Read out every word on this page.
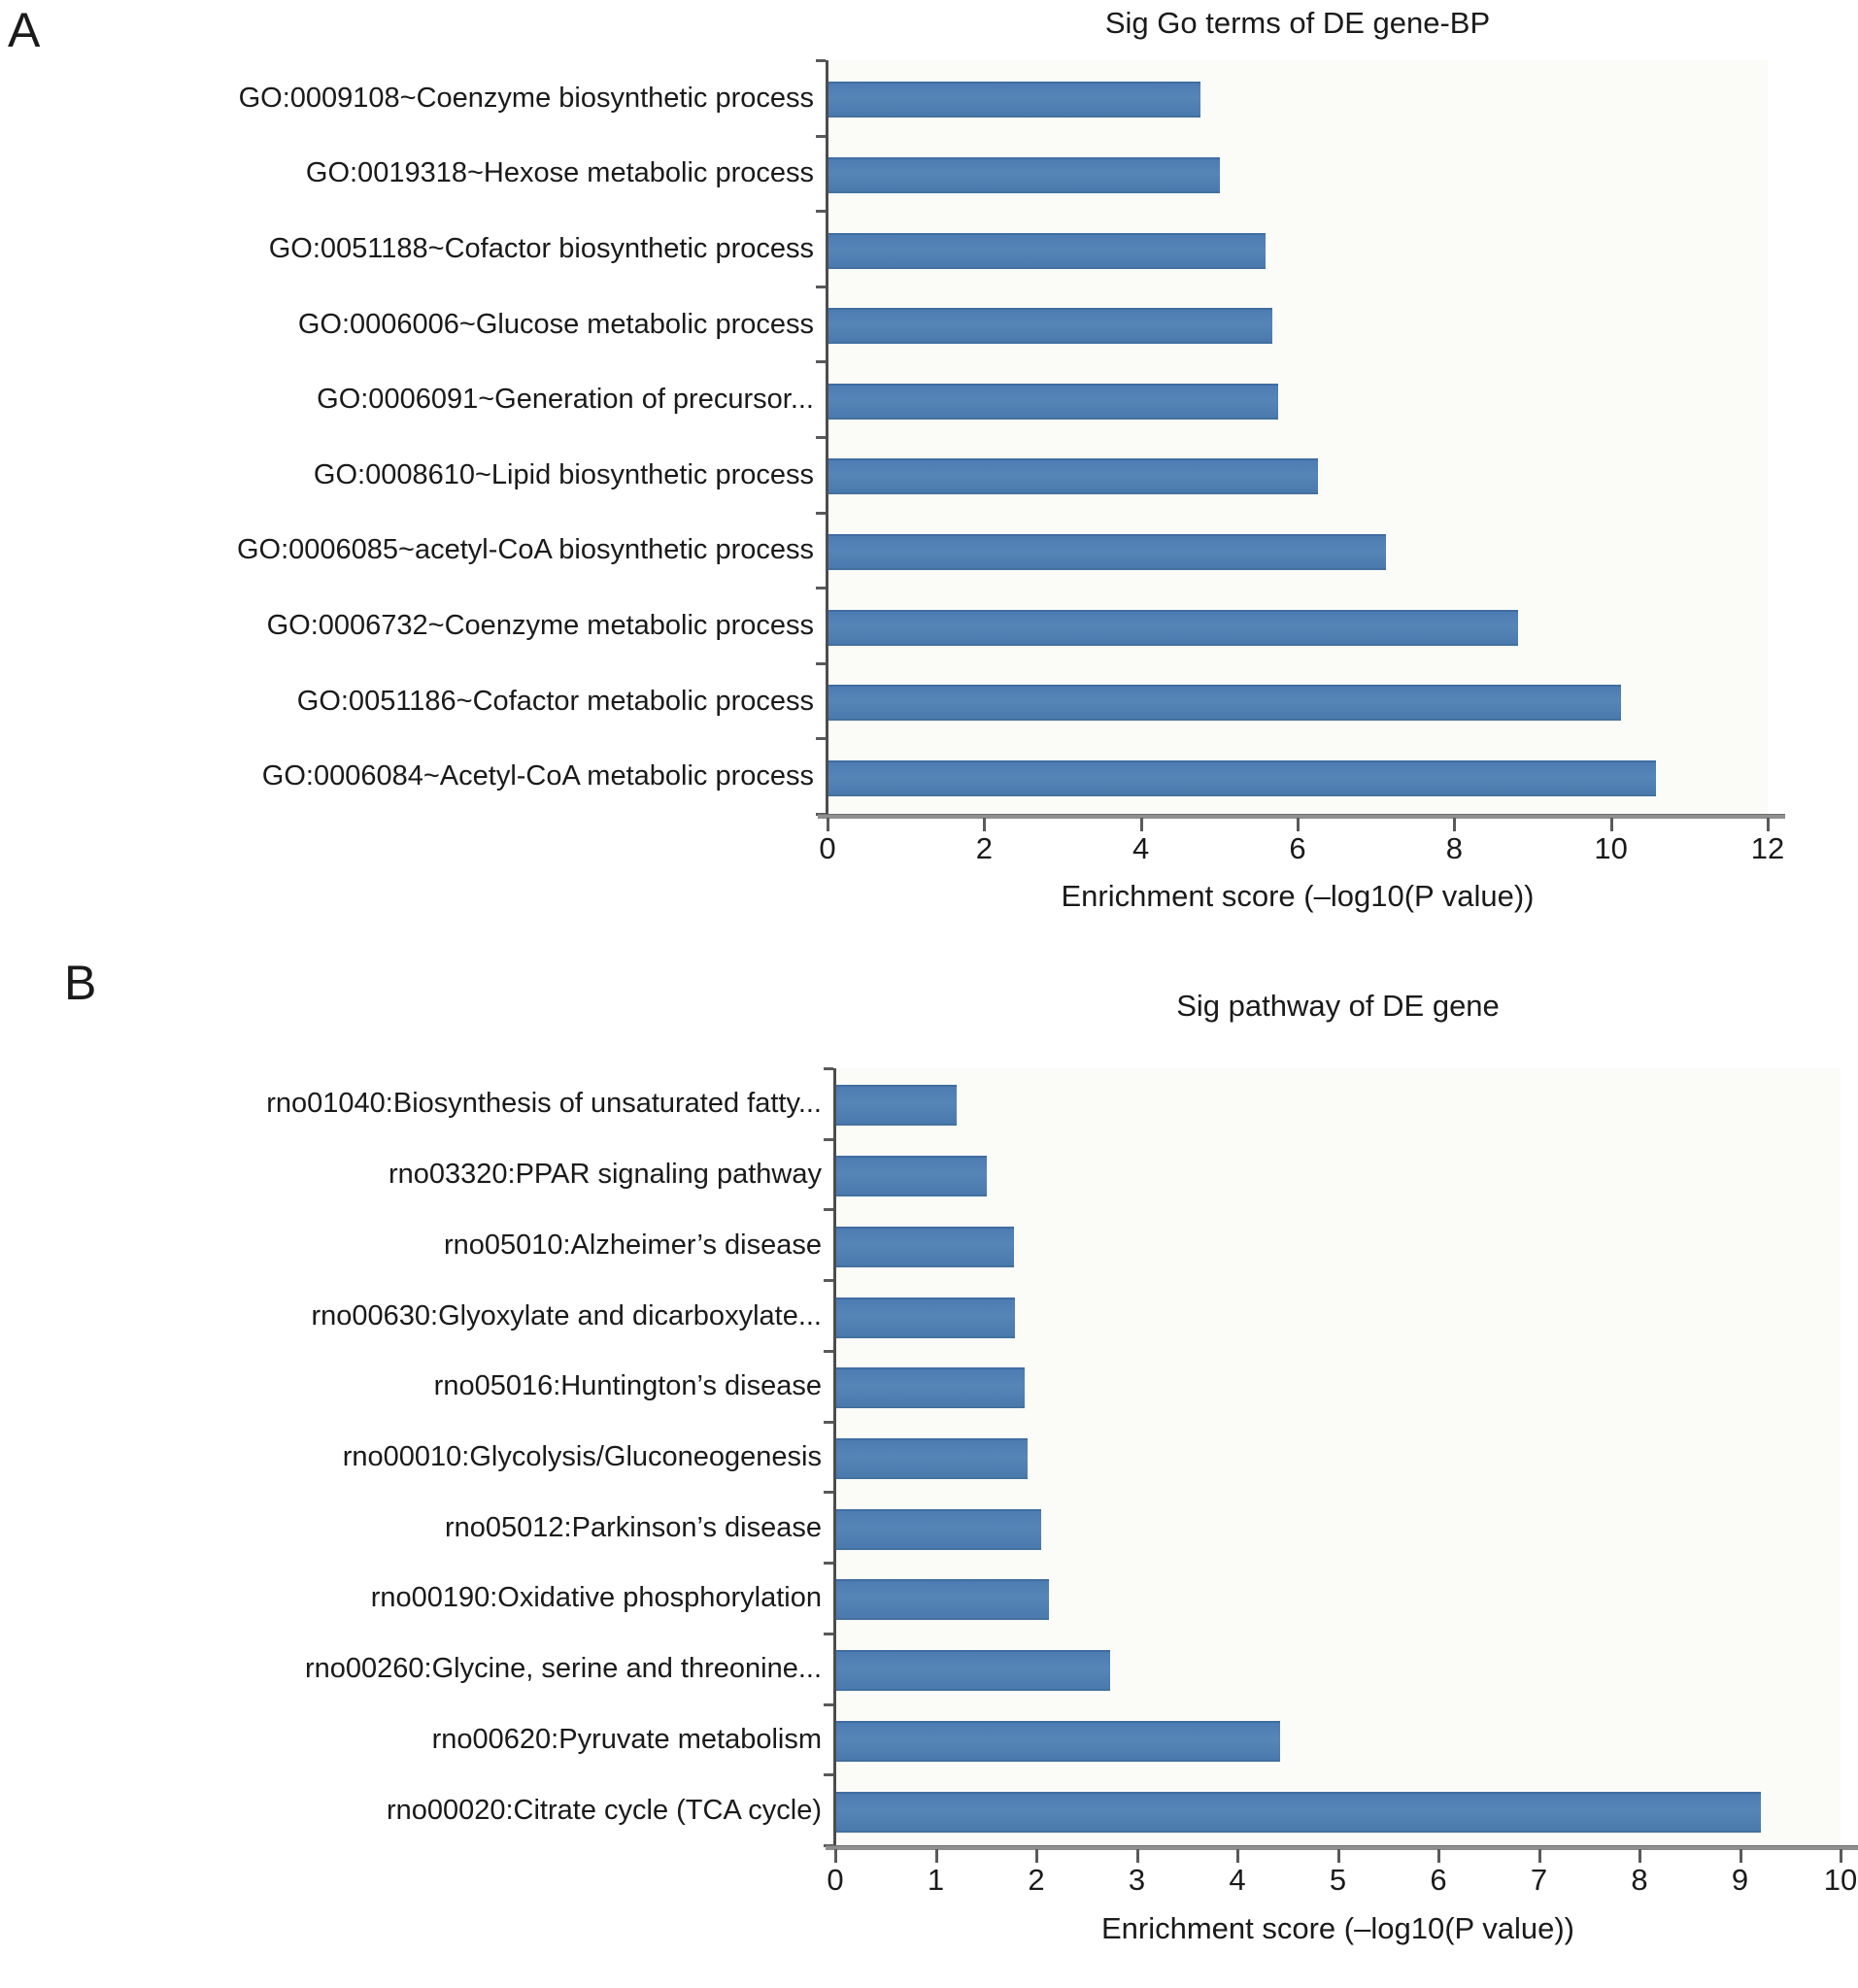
A	Sig Go terms of DE gene-BP
0	2	4	6	8	10	12
GO:0009108~Coenzyme biosynthetic process
GO:0019318~Hexose metabolic process
GO:0051188~Cofactor biosynthetic process
GO:0006006~Glucose metabolic process
GO:0006091~Generation of precursor...
GO:0008610~Lipid biosynthetic process
GO:0006085~acetyl-CoA biosynthetic process
GO:0006732~Coenzyme metabolic process
GO:0051186~Cofactor metabolic process
GO:0006084~Acetyl-CoA metabolic process
Enrichment score (–log10(P value))
B	Sig pathway of DE gene
0	1	2	3	4	5	6	7	8	9	10
rno01040:Biosynthesis of unsaturated fatty...
rno03320:PPAR signaling pathway
rno05010:Alzheimer’s disease
rno00630:Glyoxylate and dicarboxylate...
rno05016:Huntington’s disease
rno00010:Glycolysis/Gluconeogenesis
rno05012:Parkinson’s disease
rno00190:Oxidative phosphorylation
rno00260:Glycine, serine and threonine...
rno00620:Pyruvate metabolism
rno00020:Citrate cycle (TCA cycle)
Enrichment score (–log10(P value))
